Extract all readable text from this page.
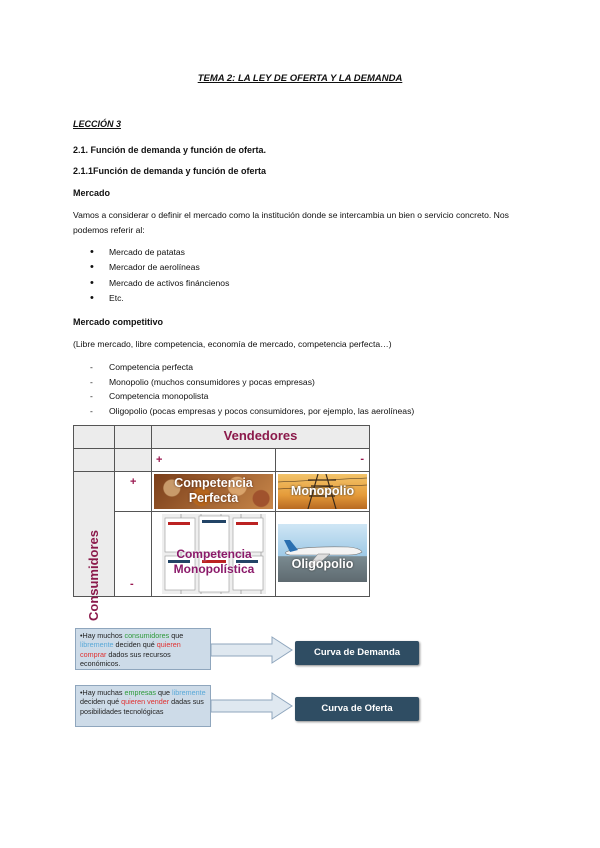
TEMA 2: LA LEY DE OFERTA Y LA DEMANDA
LECCIÓN 3
2.1. Función de demanda y función de oferta.
2.1.1Función de demanda y función de oferta
Mercado
Vamos a considerar o definir el mercado como la institución donde se intercambia un bien o servicio concreto. Nos podemos referir al:
• Mercado de patatas
• Mercador de aerolíneas
• Mercado de activos fináncienos
• Etc.
Mercado competitivo
(Libre mercado, libre competencia, economía de mercado, competencia perfecta…)
- Competencia perfecta
- Monopolio (muchos consumidores y pocas empresas)
- Competencia monopolista
- Oligopolio (pocas empresas y pocos consumidores, por ejemplo, las aerolíneas)
Vendedores
+	-
Consumidores
+
-
Competencia Perfecta	Monopolio
Competencia Monopolística	Oligopolio
•Hay muchos consumidores que libremente deciden qué quieren comprar dados sus recursos económicos.
Curva de Demanda
•Hay muchas empresas que libremente deciden qué quieren vender dadas sus posibilidades tecnológicas	Curva de Oferta
